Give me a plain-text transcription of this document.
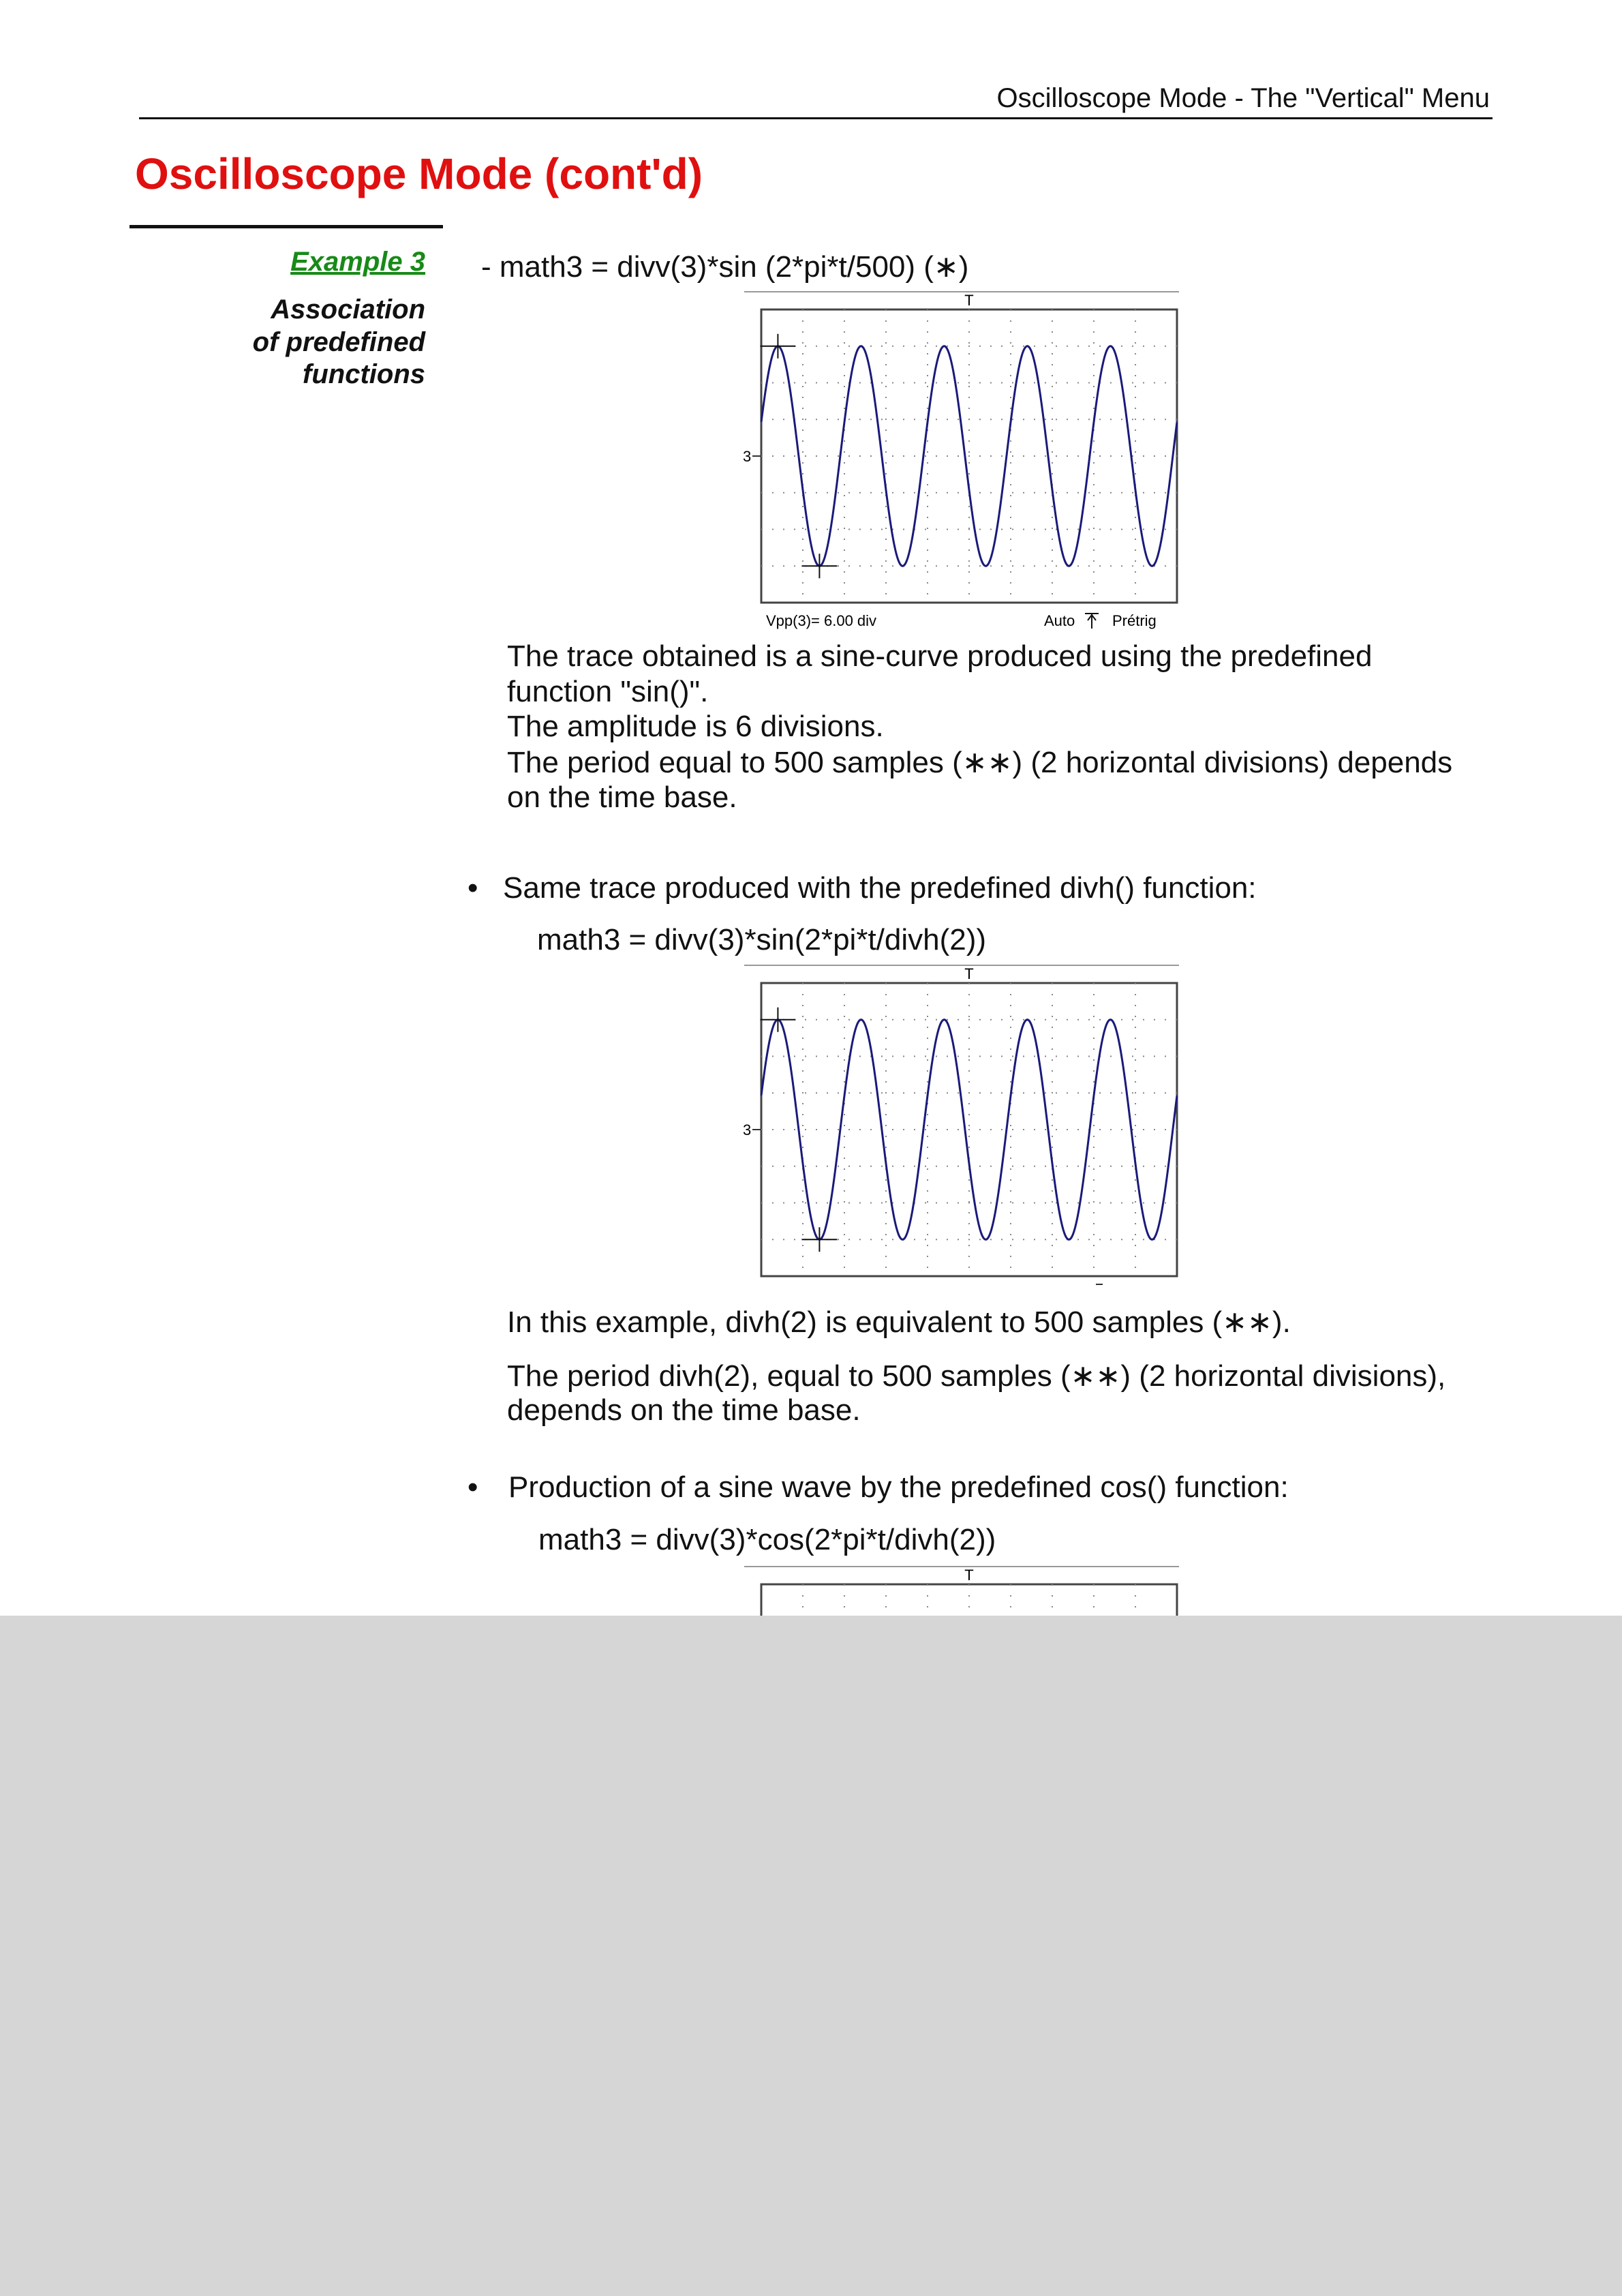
Oscilloscope Mode - The "Vertical" Menu
Oscilloscope Mode (cont'd)
Example 3
Association
of predefined
functions
- math3 = divv(3)*sin (2*pi*t/500) (∗)
T
3
Vpp(3)= 6.00 div	Auto Prétrig
The trace obtained is a sine-curve produced using the predefined
function "sin()".
The amplitude is 6 divisions.
The period equal to 500 samples (∗∗) (2 horizontal divisions) depends
on the time base.
• Same trace produced with the predefined divh() function:
math3 = divv(3)*sin(2*pi*t/divh(2))
T
3
In this example, divh(2) is equivalent to 500 samples (∗∗).
The period divh(2), equal to 500 samples (∗∗) (2 horizontal divisions),
depends on the time base.
• Production of a sine wave by the predefined cos() function:
math3 = divv(3)*cos(2*pi*t/divh(2))
T
